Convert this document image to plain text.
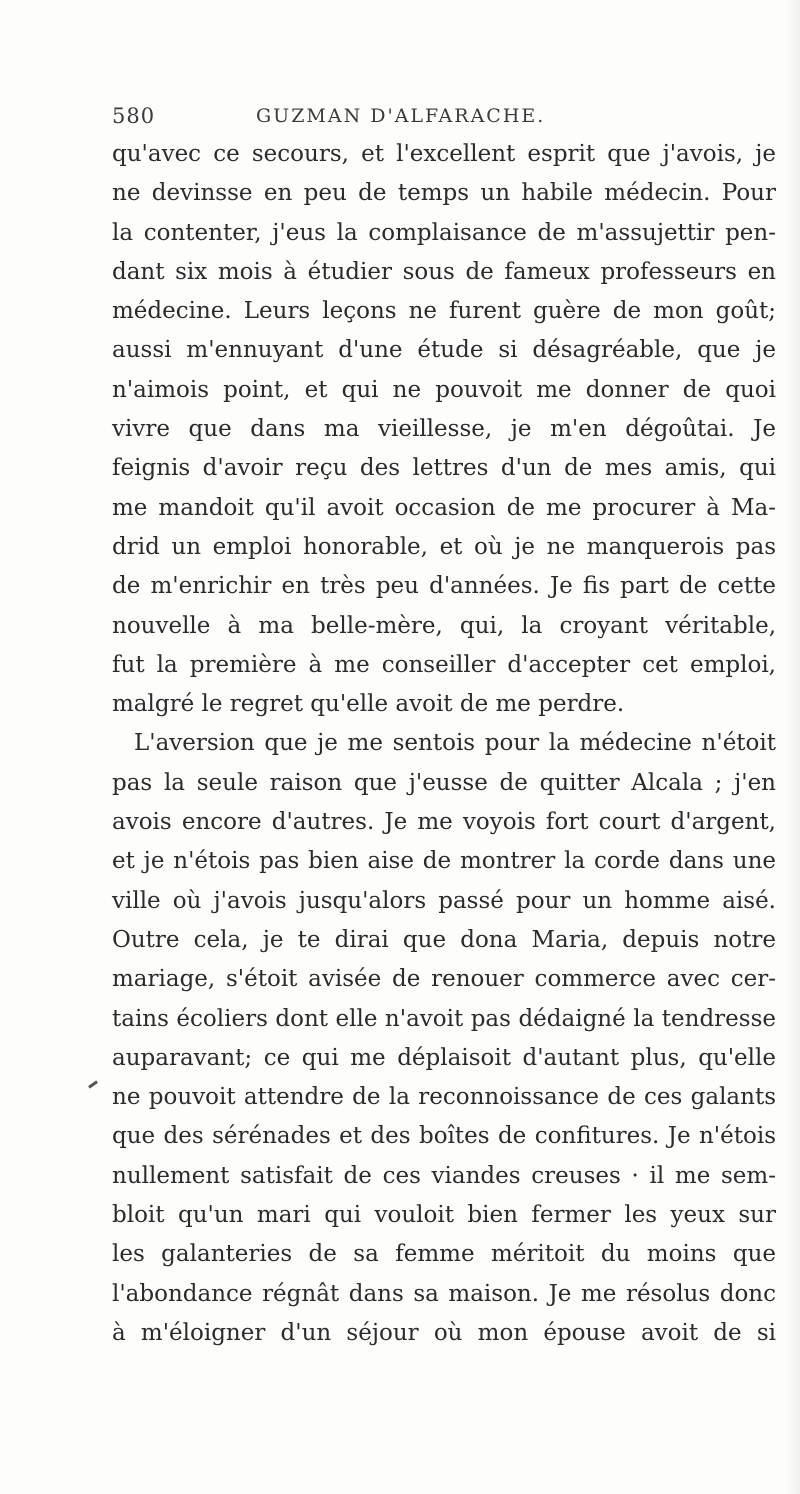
580	GUZMAN D'ALFARACHE.
qu'avec ce secours, et l'excellent esprit que j'avois, je
ne devinsse en peu de temps un habile médecin. Pour
la contenter, j'eus la complaisance de m'assujettir pen-
dant six mois à étudier sous de fameux professeurs en
médecine. Leurs leçons ne furent guère de mon goût;
aussi m'ennuyant d'une étude si désagréable, que je
n'aimois point, et qui ne pouvoit me donner de quoi
vivre que dans ma vieillesse, je m'en dégoûtai. Je
feignis d'avoir reçu des lettres d'un de mes amis, qui
me mandoit qu'il avoit occasion de me procurer à Ma-
drid un emploi honorable, et où je ne manquerois pas
de m'enrichir en très peu d'années. Je fis part de cette
nouvelle à ma belle-mère, qui, la croyant véritable,
fut la première à me conseiller d'accepter cet emploi,
malgré le regret qu'elle avoit de me perdre.
L'aversion que je me sentois pour la médecine n'étoit
pas la seule raison que j'eusse de quitter Alcala ; j'en
avois encore d'autres. Je me voyois fort court d'argent,
et je n'étois pas bien aise de montrer la corde dans une
ville où j'avois jusqu'alors passé pour un homme aisé.
Outre cela, je te dirai que dona Maria, depuis notre
mariage, s'étoit avisée de renouer commerce avec cer-
tains écoliers dont elle n'avoit pas dédaigné la tendresse
auparavant; ce qui me déplaisoit d'autant plus, qu'elle
ne pouvoit attendre de la reconnoissance de ces galants
que des sérénades et des boîtes de confitures. Je n'étois
nullement satisfait de ces viandes creuses · il me sem-
bloit qu'un mari qui vouloit bien fermer les yeux sur
les galanteries de sa femme méritoit du moins que
l'abondance régnât dans sa maison. Je me résolus donc
à m'éloigner d'un séjour où mon épouse avoit de si
